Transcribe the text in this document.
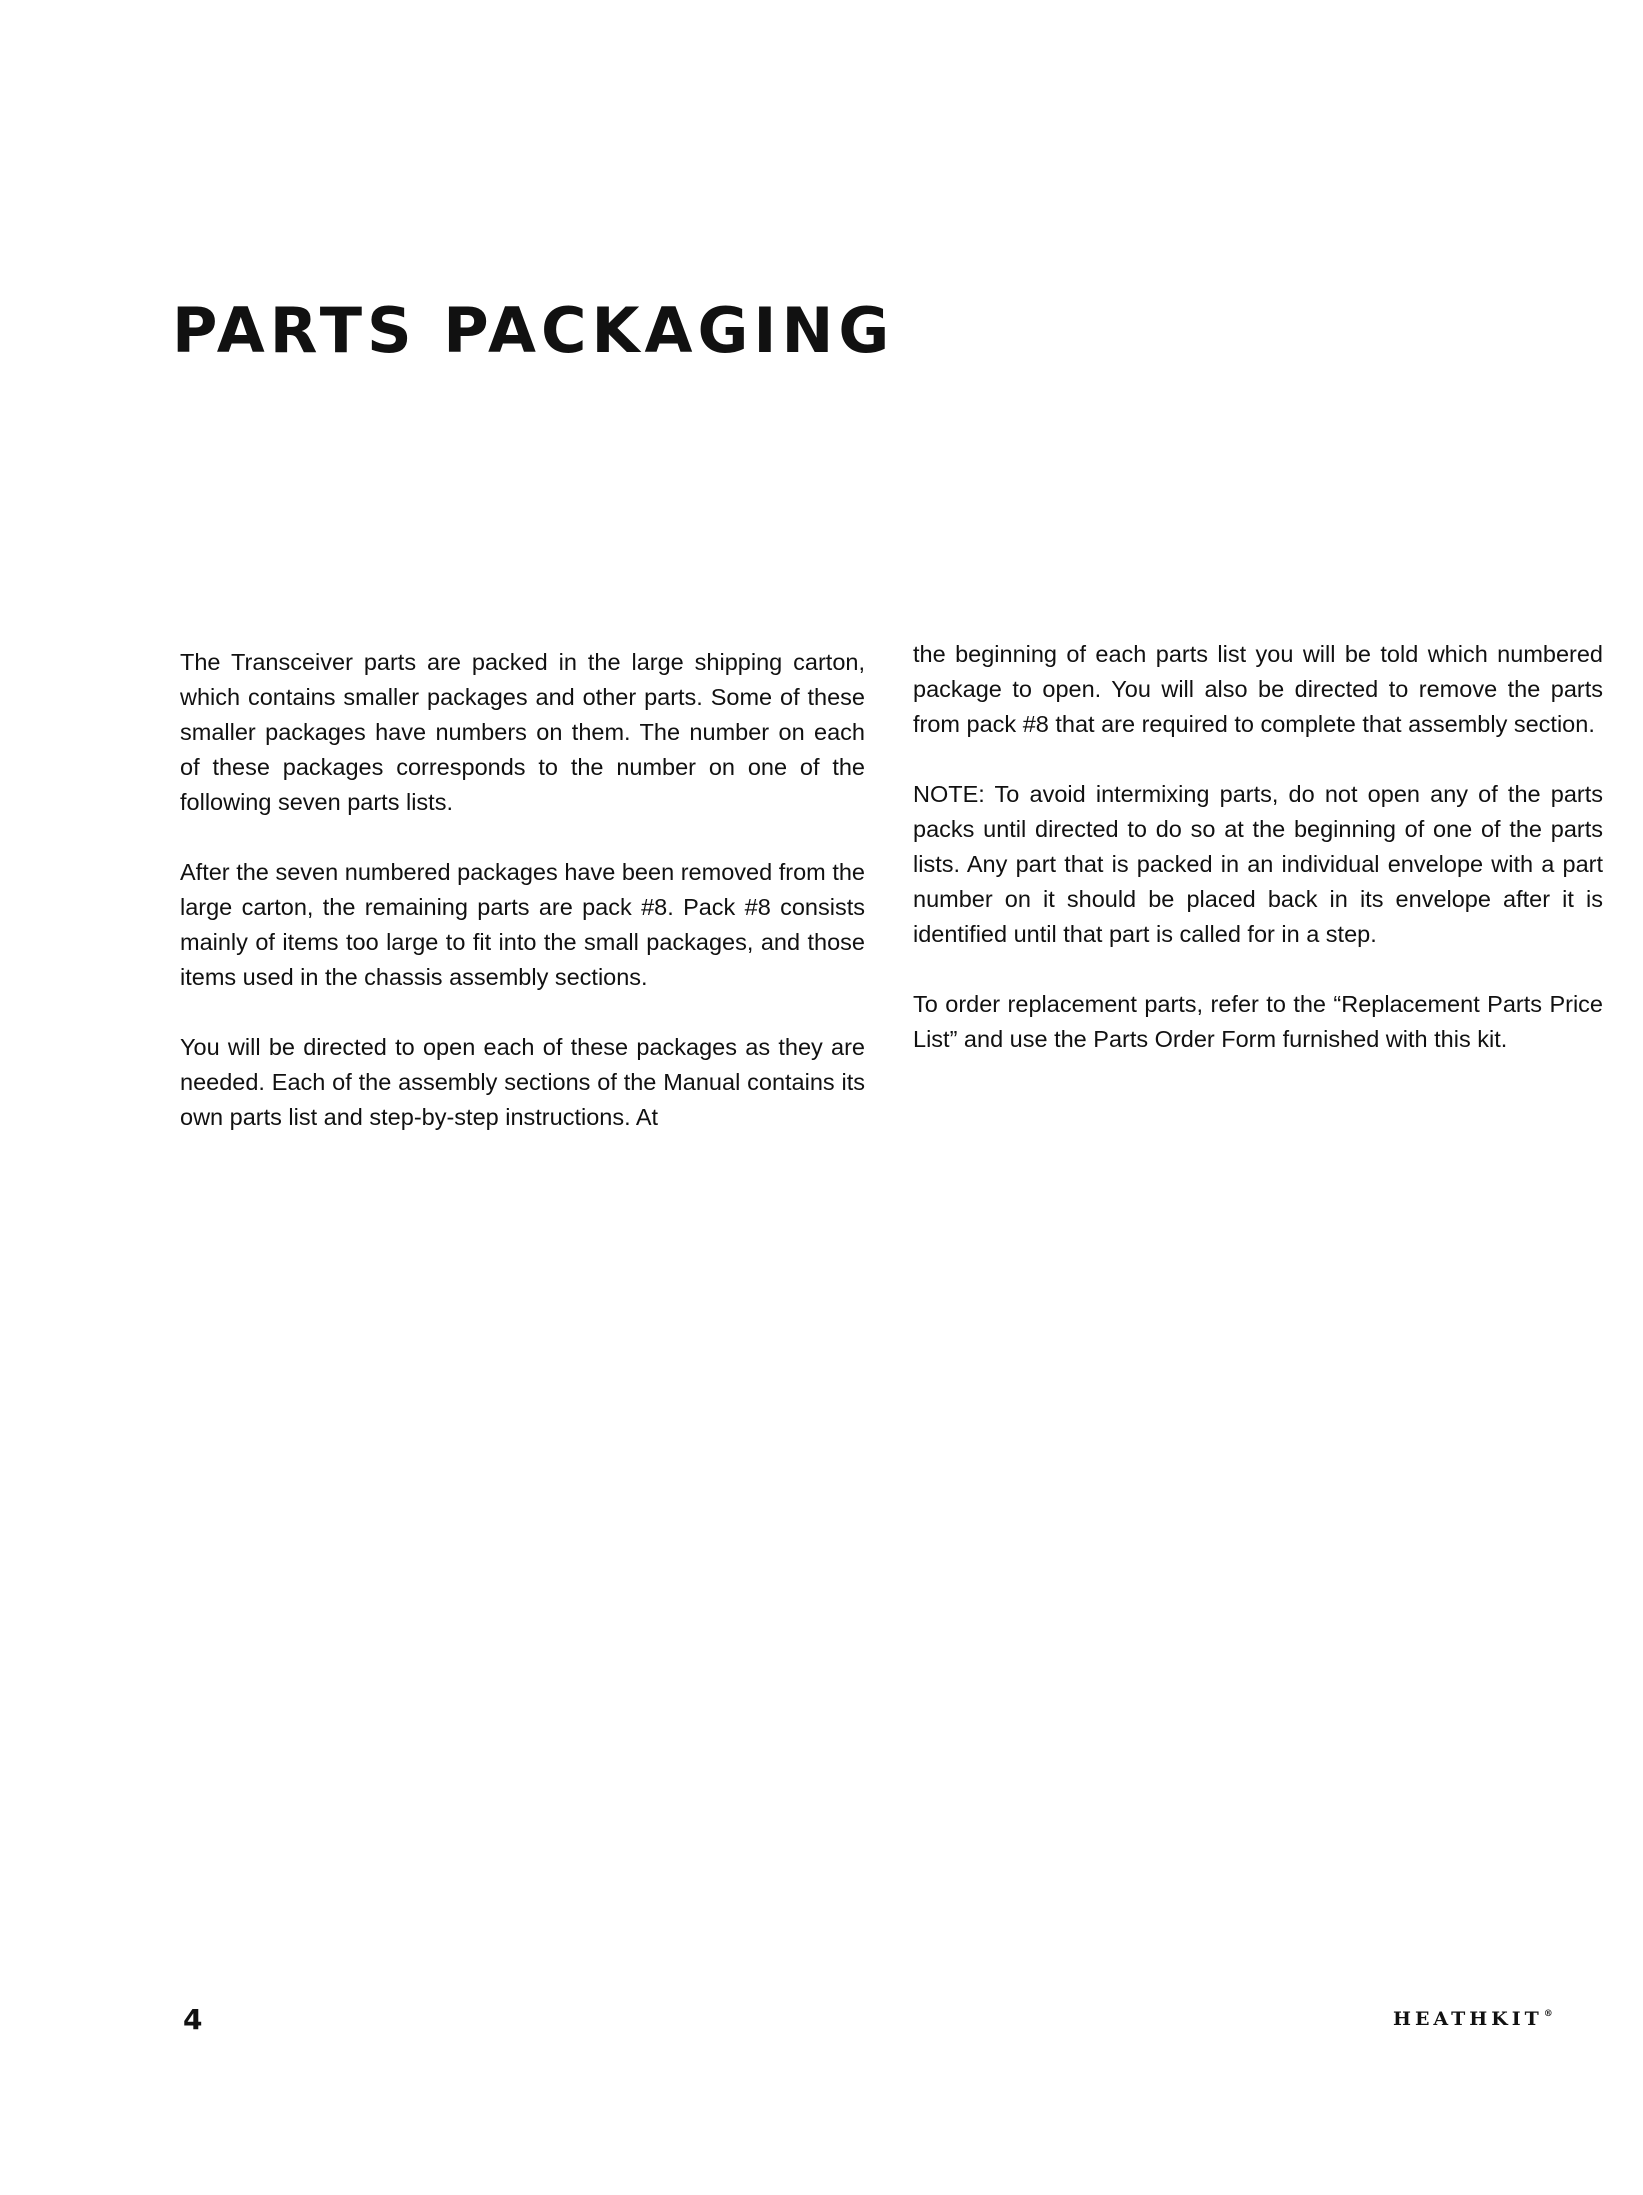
PARTS PACKAGING

The Transceiver parts are packed in the large shipping carton, which contains smaller packages and other parts. Some of these smaller packages have numbers on them. The number on each of these packages corresponds to the number on one of the following seven parts lists.

After the seven numbered packages have been removed from the large carton, the remaining parts are pack #8. Pack #8 consists mainly of items too large to fit into the small packages, and those items used in the chassis assembly sections.

You will be directed to open each of these packages as they are needed. Each of the assembly sections of the Manual contains its own parts list and step-by-step instructions. At

the beginning of each parts list you will be told which numbered package to open. You will also be directed to remove the parts from pack #8 that are required to complete that assembly section.

NOTE: To avoid intermixing parts, do not open any of the parts packs until directed to do so at the beginning of one of the parts lists. Any part that is packed in an individual envelope with a part number on it should be placed back in its envelope after it is identified until that part is called for in a step.

To order replacement parts, refer to the “Replacement Parts Price List” and use the Parts Order Form furnished with this kit.

4	HEATHKIT®
